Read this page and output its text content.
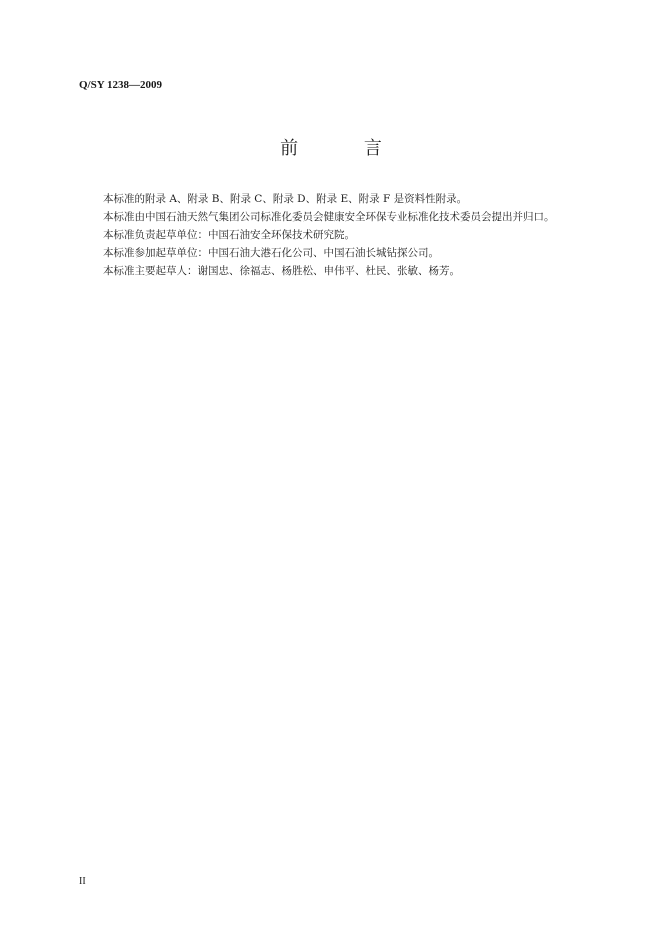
Q/SY 1238—2009
前 言

本标准的附录 A、附录 B、附录 C、附录 D、附录 E、附录 F 是资料性附录。

本标准由中国石油天然气集团公司标准化委员会健康安全环保专业标准化技术委员会提出并归口。

本标准负责起草单位：中国石油安全环保技术研究院。

本标准参加起草单位：中国石油大港石化公司、中国石油长城钻探公司。

本标准主要起草人：谢国忠、徐福志、杨胜松、申伟平、杜民、张敏、杨芳。

II
